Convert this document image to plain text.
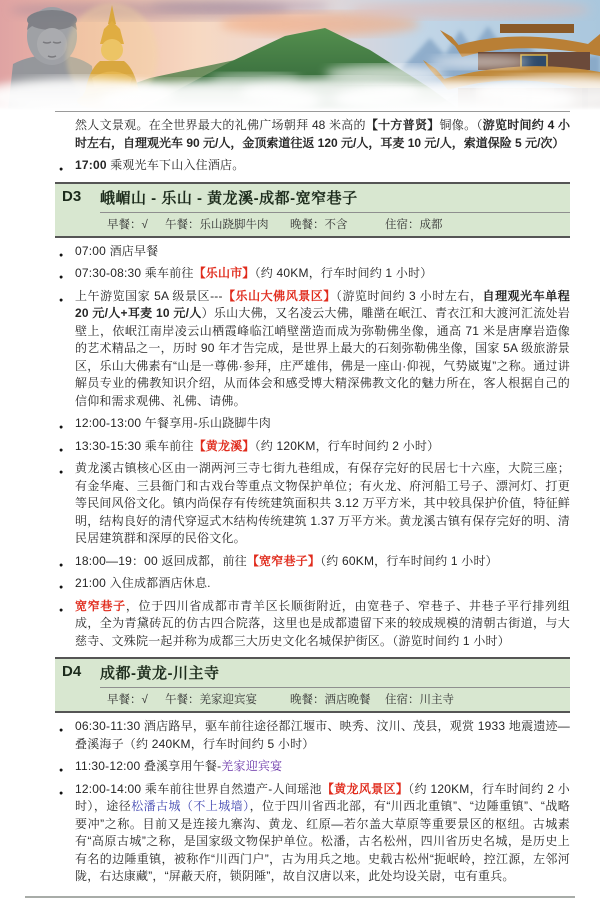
然人文景观。在全世界最大的礼佛广场朝拜 48 米高的【十方普贤】铜像。（游览时间约 4 小时左右，自理观光车 90 元/人，金顶索道往返 120 元/人，耳麦 10 元/人，索道保险 5 元/次）

● 17:00 乘观光车下山入住酒店。
D3	峨嵋山 - 乐山 - 黄龙溪-成都-宽窄巷子
早餐：√	午餐：乐山跷脚牛肉	晚餐：不含	住宿：成都
● 07:00 酒店早餐
● 07:30-08:30 乘车前往【乐山市】（约 40KM，行车时间约 1 小时）
● 上午游览国家 5A 级景区---【乐山大佛风景区】（游览时间约 3 小时左右，自理观光车单程 20 元/人+耳麦 10 元/人）乐山大佛，又名凌云大佛，雕凿在岷江、青衣江和大渡河汇流处岩壁上，依岷江南岸凌云山栖霞峰临江峭壁凿造而成为弥勒佛坐像，通高 71 米是唐摩岩造像的艺术精品之一，历时 90 年才告完成，是世界上最大的石刻弥勒佛坐像，国家 5A 级旅游景区，乐山大佛素有“山是一尊佛·参拜，庄严雄伟，佛是一座山·仰视，气势崴嵬”之称。通过讲解员专业的佛教知识介绍，从而体会和感受博大精深佛教文化的魅力所在，客人根据自己的信仰和需求观佛、礼佛、请佛。
● 12:00-13:00 午餐享用-乐山跷脚牛肉
● 13:30-15:30 乘车前往【黄龙溪】（约 120KM，行车时间约 2 小时）
● 黄龙溪古镇核心区由一湖两河三寺七街九巷组成，有保存完好的民居七十六座，大院三座；有金华庵、三县衙门和古戏台等重点文物保护单位；有火龙、府河船工号子、漂河灯、打更等民间风俗文化。镇内尚保存有传统建筑面积共 3.12 万平方米，其中较具保护价值，特征鲜明，结构良好的清代穿逗式木结构传统建筑 1.37 万平方米。黄龙溪古镇有保存完好的明、清民居建筑群和深厚的民俗文化。
● 18:00—19：00 返回成都，前往【宽窄巷子】（约 60KM，行车时间约 1 小时）
● 21:00 入住成都酒店休息.
● 宽窄巷子，位于四川省成都市青羊区长顺街附近，由宽巷子、窄巷子、井巷子平行排列组成，全为青黛砖瓦的仿古四合院落，这里也是成都遗留下来的较成规模的清朝古街道，与大慈寺、文殊院一起并称为成都三大历史文化名城保护街区。（游览时间约 1 小时）
D4	成都-黄龙-川主寺
早餐：√	午餐：羌家迎宾宴	晚餐：酒店晚餐	住宿：川主寺
● 06:30-11:30 酒店路早，驱车前往途径都江堰市、映秀、汶川、茂县，观赏 1933 地震遗迹—叠溪海子（约 240KM，行车时间约 5 小时）
● 11:30-12:00 叠溪享用午餐-羌家迎宾宴
● 12:00-14:00 乘车前往世界自然遗产-人间瑶池【黄龙风景区】（约 120KM，行车时间约 2 小时），途径松潘古城（不上城墙），位于四川省西北部，有“川西北重镇”、“边陲重镇”、“战略要冲”之称。目前又是连接九寨沟、黄龙、红原—若尔盖大草原等重要景区的枢纽。古城素有“高原古城”之称，是国家级文物保护单位。松潘，古名松州，四川省历史名城，是历史上有名的边陲重镇，被称作“川西门户”，古为用兵之地。史载古松州“扼岷岭，控江源，左邻河陇，右达康藏”，“屏蔽天府，锁阴陲”，故自汉唐以来，此处均设关尉，屯有重兵。
